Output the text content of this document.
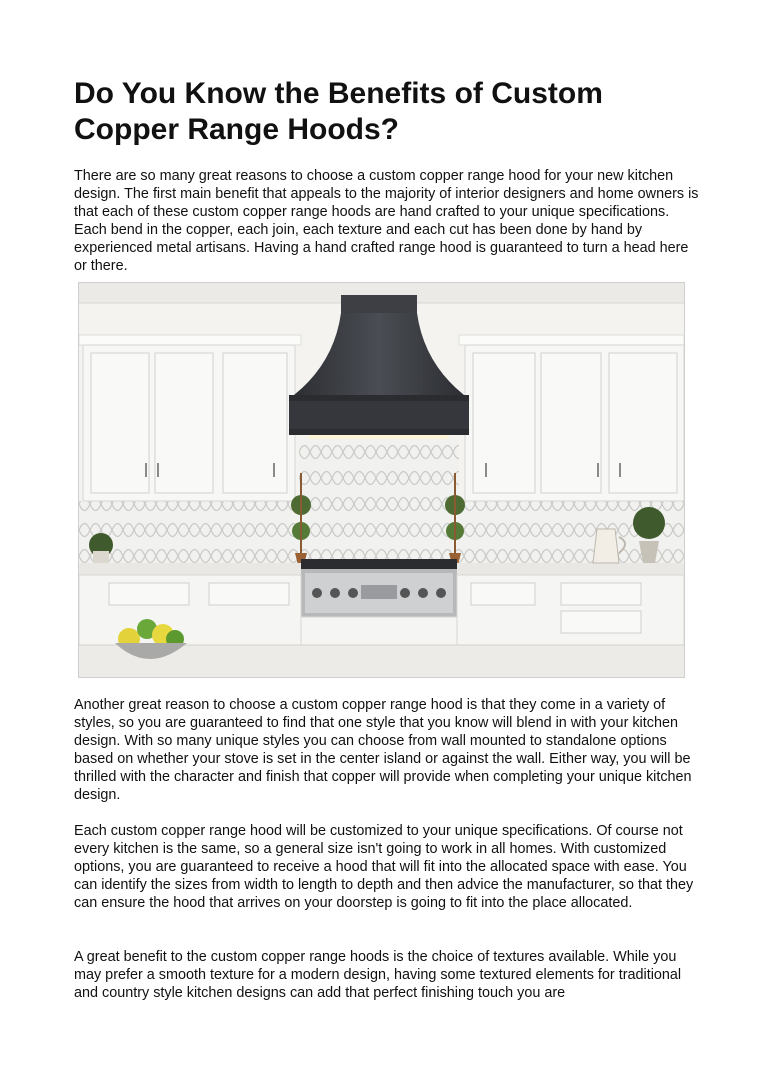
Do You Know the Benefits of Custom Copper Range Hoods?

There are so many great reasons to choose a custom copper range hood for your new kitchen design. The first main benefit that appeals to the majority of interior designers and home owners is that each of these custom copper range hoods are hand crafted to your unique specifications. Each bend in the copper, each join, each texture and each cut has been done by hand by experienced metal artisans. Having a hand crafted range hood is guaranteed to turn a head here or there.

Another great reason to choose a custom copper range hood is that they come in a variety of styles, so you are guaranteed to find that one style that you know will blend in with your kitchen design. With so many unique styles you can choose from wall mounted to standalone options based on whether your stove is set in the center island or against the wall. Either way, you will be thrilled with the character and finish that copper will provide when completing your unique kitchen design.

Each custom copper range hood will be customized to your unique specifications. Of course not every kitchen is the same, so a general size isn't going to work in all homes. With customized options, you are guaranteed to receive a hood that will fit into the allocated space with ease. You can identify the sizes from width to length to depth and then advice the manufacturer, so that they can ensure the hood that arrives on your doorstep is going to fit into the place allocated.

A great benefit to the custom copper range hoods is the choice of textures available. While you may prefer a smooth texture for a modern design, having some textured elements for traditional and country style kitchen designs can add that perfect finishing touch you are
